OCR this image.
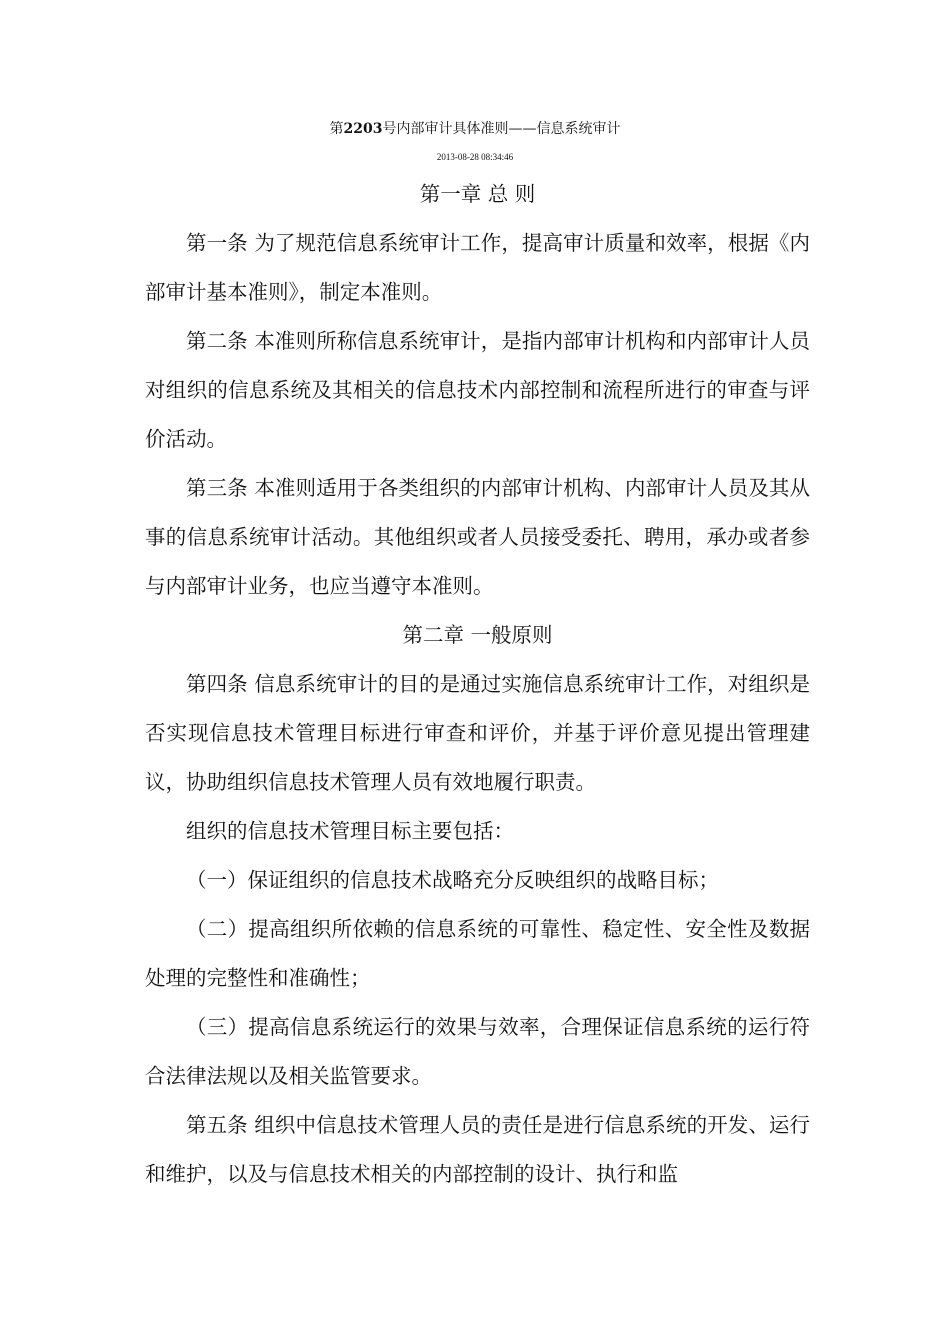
第2203号内部审计具体准则——信息系统审计
2013-08-28 08:34:46

第一章 总 则

第一条 为了规范信息系统审计工作，提高审计质量和效率，根据《内部审计基本准则》，制定本准则。

第二条 本准则所称信息系统审计，是指内部审计机构和内部审计人员对组织的信息系统及其相关的信息技术内部控制和流程所进行的审查与评价活动。

第三条 本准则适用于各类组织的内部审计机构、内部审计人员及其从事的信息系统审计活动。其他组织或者人员接受委托、聘用，承办或者参与内部审计业务，也应当遵守本准则。

第二章 一般原则

第四条 信息系统审计的目的是通过实施信息系统审计工作，对组织是否实现信息技术管理目标进行审查和评价，并基于评价意见提出管理建议，协助组织信息技术管理人员有效地履行职责。

组织的信息技术管理目标主要包括：

（一）保证组织的信息技术战略充分反映组织的战略目标；

（二）提高组织所依赖的信息系统的可靠性、稳定性、安全性及数据处理的完整性和准确性；

（三）提高信息系统运行的效果与效率，合理保证信息系统的运行符合法律法规以及相关监管要求。

第五条 组织中信息技术管理人员的责任是进行信息系统的开发、运行和维护，以及与信息技术相关的内部控制的设计、执行和监
